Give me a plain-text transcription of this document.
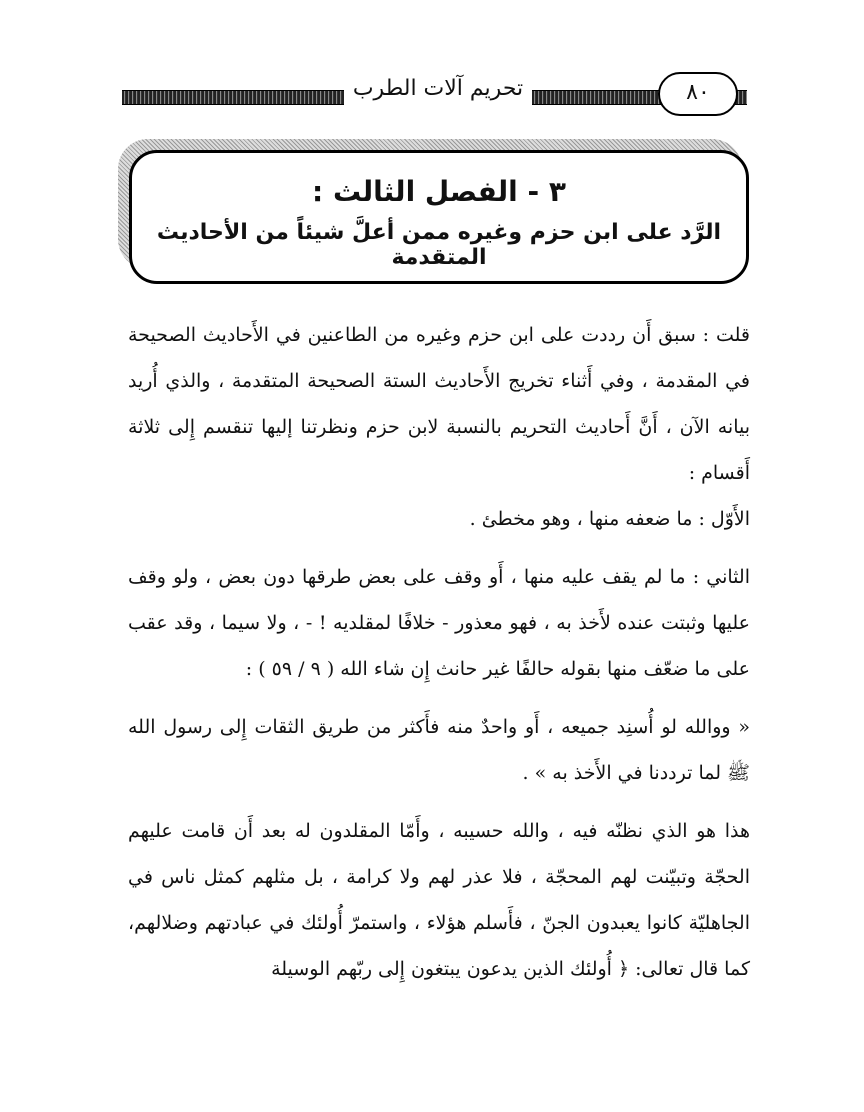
تحريم آلات الطرب	٨٠
٣ - الفصل الثالث :
الرَّد على ابن حزم وغيره ممن أعلَّ شيئاً من الأحاديث المتقدمة

قلت : سبق أَن رددت على ابن حزم وغيره من الطاعنين في الأَحاديث الصحيحة في المقدمة ، وفي أَثناء تخريج الأَحاديث الستة الصحيحة المتقدمة ، والذي أُريد بيانه الآن ، أَنَّ أَحاديث التحريم بالنسبة لابن حزم ونظرتنا إليها تنقسم إِلى ثلاثة أَقسام :

الأَوّل : ما ضعفه منها ، وهو مخطئ .

الثاني : ما لم يقف عليه منها ، أَو وقف على بعض طرقها دون بعض ، ولو وقف عليها وثبتت عنده لأَخذ به ، فهو معذور - خلافًا لمقلديه ! - ، ولا سيما ، وقد عقب على ما ضعّف منها بقوله حالفًا غير حانث إِن شاء الله ( ٩ / ٥٩ ) :

« ووالله لو أُسنِد جميعه ، أَو واحدٌ منه فأَكثر من طريق الثقات إِلى رسول الله ﷺ لما ترددنا في الأَخذ به » .

هذا هو الذي نظنّه فيه ، والله حسيبه ، وأَمّا المقلدون له بعد أَن قامت عليهم الحجّة وتبيّنت لهم المحجّة ، فلا عذر لهم ولا كرامة ، بل مثلهم كمثل ناس في الجاهليّة كانوا يعبدون الجنّ ، فأَسلم هؤلاء ، واستمرّ أُولئك في عبادتهم وضلالهم، كما قال تعالى: ﴿ أُولئك الذين يدعون يبتغون إِلى ربّهم الوسيلة
